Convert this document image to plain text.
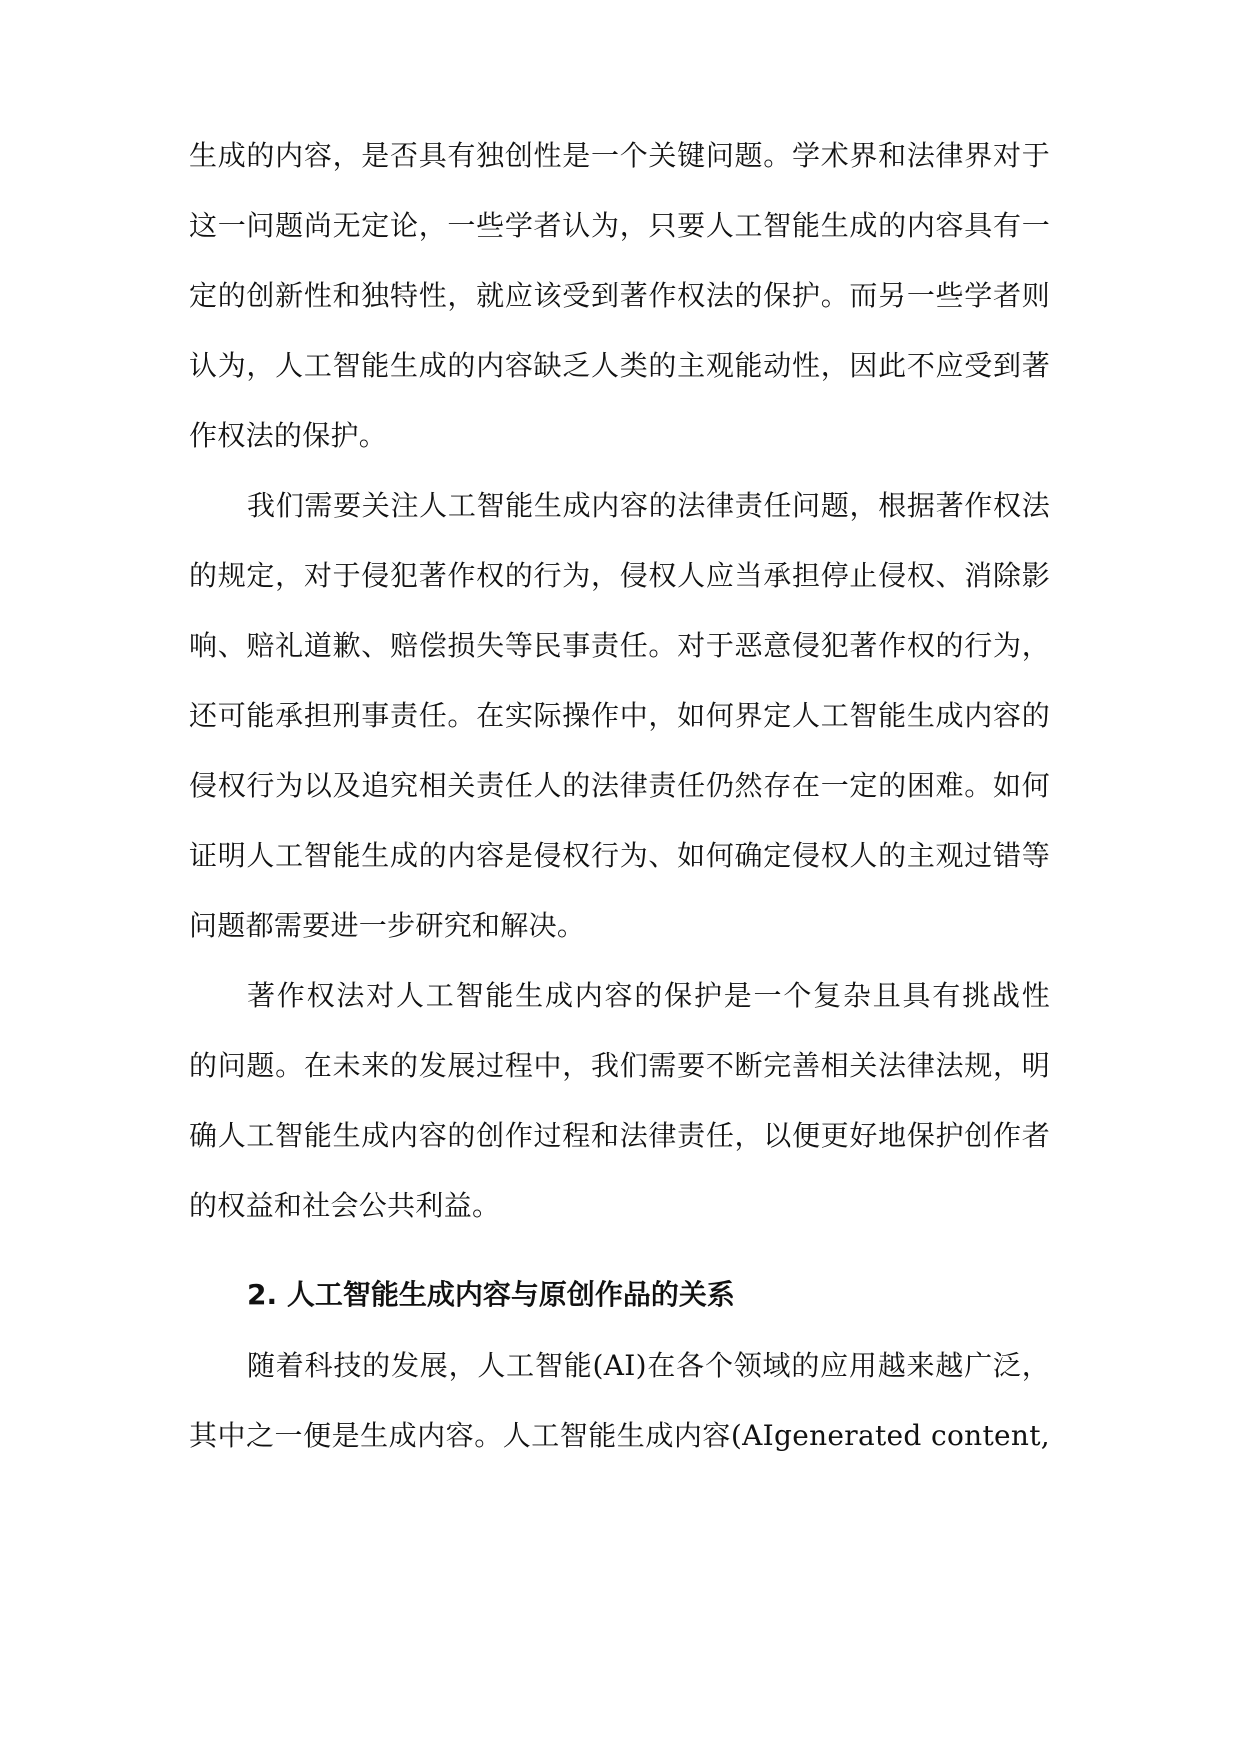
生成的内容，是否具有独创性是一个关键问题。学术界和法律界对于
这一问题尚无定论，一些学者认为，只要人工智能生成的内容具有一
定的创新性和独特性，就应该受到著作权法的保护。而另一些学者则
认为，人工智能生成的内容缺乏人类的主观能动性，因此不应受到著
作权法的保护。
我们需要关注人工智能生成内容的法律责任问题，根据著作权法
的规定，对于侵犯著作权的行为，侵权人应当承担停止侵权、消除影
响、赔礼道歉、赔偿损失等民事责任。对于恶意侵犯著作权的行为，
还可能承担刑事责任。在实际操作中，如何界定人工智能生成内容的
侵权行为以及追究相关责任人的法律责任仍然存在一定的困难。如何
证明人工智能生成的内容是侵权行为、如何确定侵权人的主观过错等
问题都需要进一步研究和解决。
著作权法对人工智能生成内容的保护是一个复杂且具有挑战性
的问题。在未来的发展过程中，我们需要不断完善相关法律法规，明
确人工智能生成内容的创作过程和法律责任，以便更好地保护创作者
的权益和社会公共利益。
2. 人工智能生成内容与原创作品的关系
随着科技的发展，人工智能(AI)在各个领域的应用越来越广泛，
其中之一便是生成内容。人工智能生成内容(AIgenerated content,
